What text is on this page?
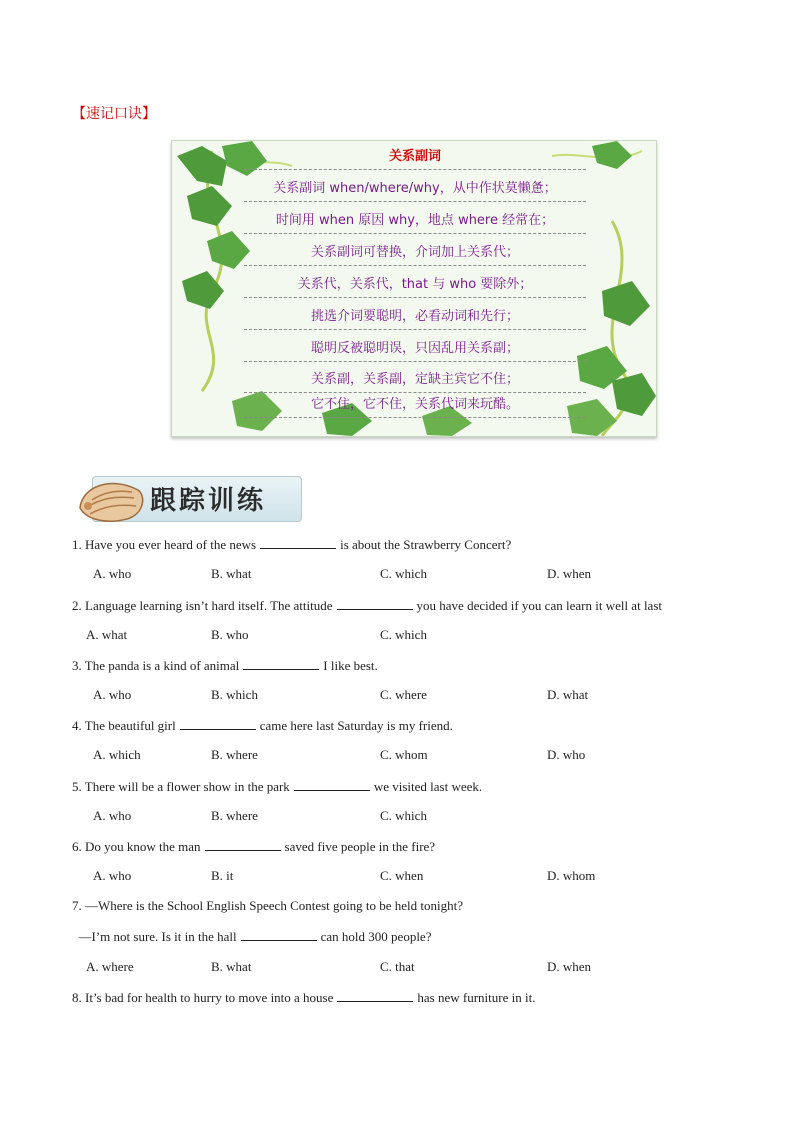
【速记口诀】
关系副词
关系副词 when/where/why，从中作状莫懒惫；
时间用 when 原因 why，地点 where 经常在；
关系副词可替换，介词加上关系代；
关系代，关系代，that 与 who 要除外；
挑选介词要聪明，必看动词和先行；
聪明反被聪明误，只因乱用关系副；
关系副，关系副，定缺主宾它不住；
它不住，它不住，关系代词来玩酷。
跟踪训练
1. Have you ever heard of the news	is about the Strawberry Concert?
A. who	B. what	C. which	D. when
2. Language learning isn’t hard itself. The attitude	you have decided if you can learn it well at last
A. what	B. who	C. which
3. The panda is a kind of animal	I like best.
A. who	B. which	C. where	D. what
4. The beautiful girl	came here last Saturday is my friend.
A. which	B. where	C. whom	D. who
5. There will be a flower show in the park	we visited last week.
A. who	B. where	C. which
6. Do you know the man	saved five people in the fire?
A. who	B. it	C. when	D. whom
7. —Where is the School English Speech Contest going to be held tonight?
—I’m not sure. Is it in the hall	can hold 300 people?
A. where	B. what	C. that	D. when
8. It’s bad for health to hurry to move into a house	has new furniture in it.
